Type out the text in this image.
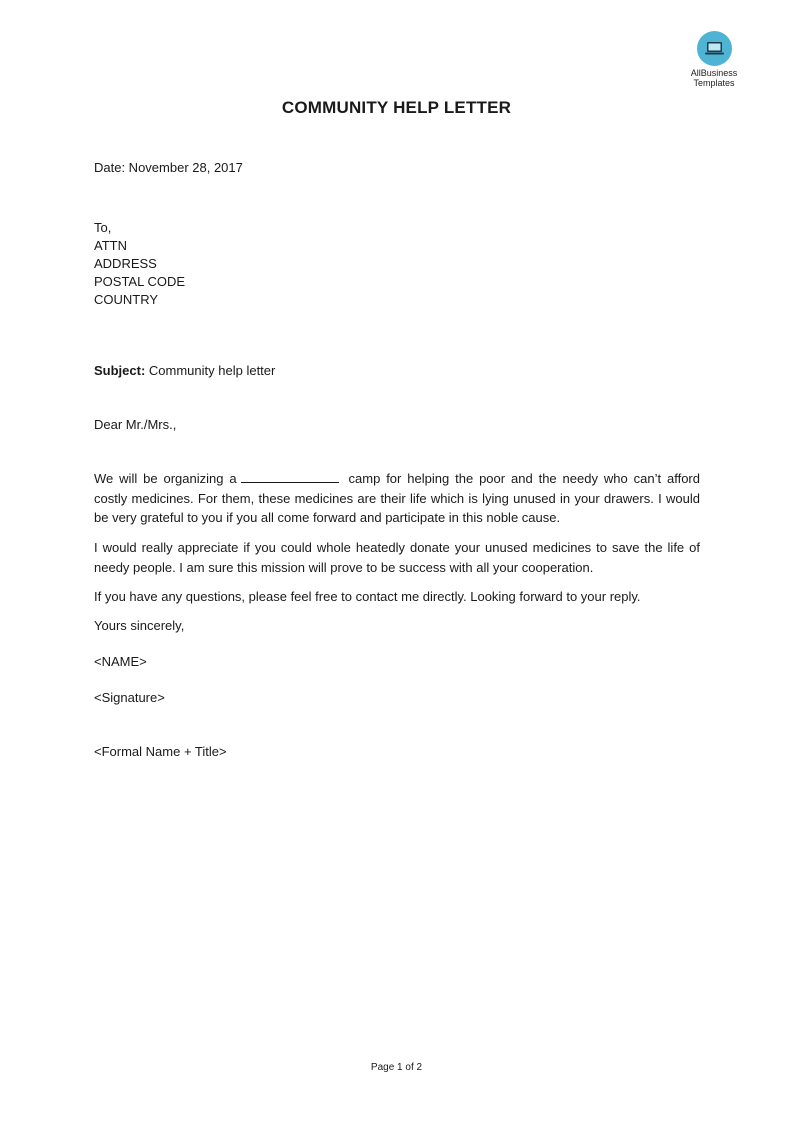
AllBusiness
Templates
COMMUNITY HELP LETTER
Date: November 28, 2017
To,
ATTN
ADDRESS
POSTAL CODE
COUNTRY
Subject: Community help letter
Dear Mr./Mrs.,
We will be organizing a	camp for helping the poor and the needy who can’t afford costly medicines. For them, these medicines are their life which is lying unused in your drawers. I would be very grateful to you if you all come forward and participate in this noble cause.
I would really appreciate if you could whole heatedly donate your unused medicines to save the life of needy people. I am sure this mission will prove to be success with all your cooperation.
If you have any questions, please feel free to contact me directly. Looking forward to your reply.
Yours sincerely,
<NAME>
<Signature>
<Formal Name + Title>
Page 1 of 2
